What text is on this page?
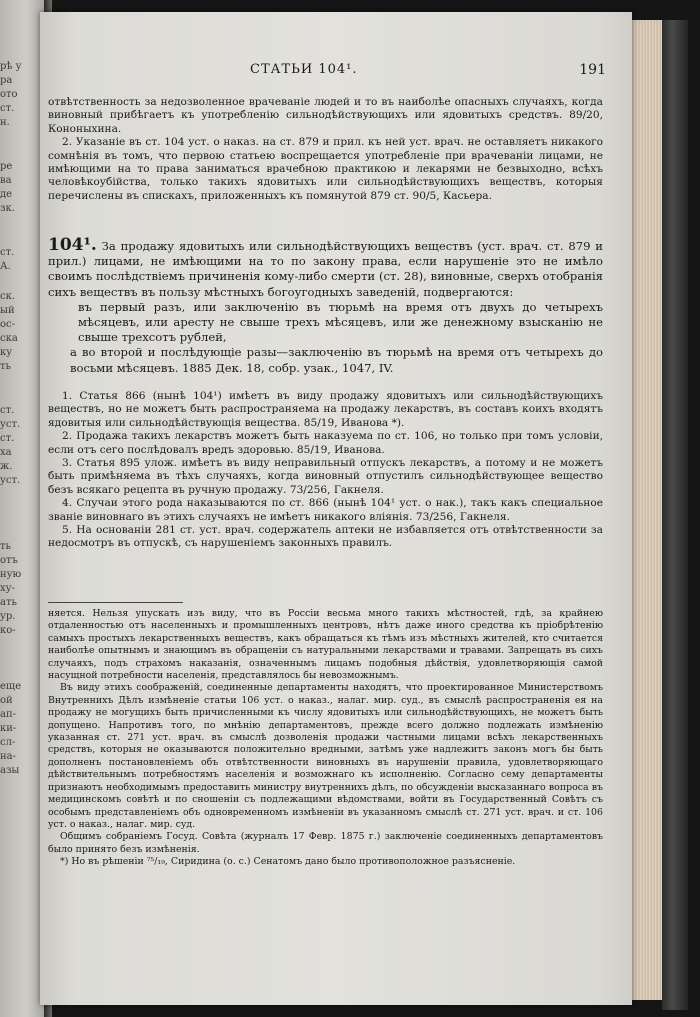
рѣ у
ра
ото
ст.
н.
ре
ва
де
зк.
ст.
А.
ск.
ый
ос-
ска
ку
ть
ст.
уст.
ст.
ха
ж.
уст.
ть
отъ
ную
ху-
ать
ур.
ко-
еще
ой
ап-
ки-
сл-
на-
азы
СТАТЬИ 104¹.	191

отвѣтственность за недозволенное врачеваніе людей и то въ наиболѣе опасныхъ случаяхъ, когда виновный прибѣгаетъ къ употребленію сильнодѣйствующихъ или ядовитыхъ средствъ. 89/20, Кононыхина.

2. Указаніе въ ст. 104 уст. о наказ. на ст. 879 и прил. къ ней уст. врач. не оставляетъ никакого сомнѣнія въ томъ, что первою статьею воспрещается употребленіе при врачеваніи лицами, не имѣющими на то права заниматься врачебною практикою и лекарями не безвыходно, всѣхъ человѣкоубійства, только такихъ ядовитыхъ или сильнодѣйствующихъ веществъ, которыя перечислены въ спискахъ, приложенныхъ къ помянутой 879 ст. 90/5, Касьера.

104¹. За продажу ядовитыхъ или сильнодѣйствующихъ веществъ (уст. врач. ст. 879 и прил.) лицами, не имѣющими на то по закону права, если нарушеніе это не имѣло своимъ послѣдствіемъ причиненія кому-либо смерти (ст. 28), виновные, сверхъ отобранія сихъ веществъ въ пользу мѣстныхъ богоугодныхъ заведеній, подвергаются:

въ первый разъ, или заключенію въ тюрьмѣ на время отъ двухъ до четырехъ мѣсяцевъ, или аресту не свыше трехъ мѣсяцевъ, или же денежному взысканію не свыше трехсотъ рублей,

а во второй и послѣдующіе разы—заключенію въ тюрьмѣ на время отъ четырехъ до восьми мѣсяцевъ. 1885 Дек. 18, собр. узак., 1047, IV.

1. Статья 866 (нынѣ 104¹) имѣетъ въ виду продажу ядовитыхъ или сильнодѣйствующихъ веществъ, но не можетъ быть распространяема на продажу лекарствъ, въ составъ коихъ входятъ ядовитыя или сильнодѣйствующія вещества. 85/19, Иванова *).

2. Продажа такихъ лекарствъ можетъ быть наказуема по ст. 106, но только при томъ условіи, если отъ сего послѣдовалъ вредъ здоровью. 85/19, Иванова.

3. Статья 895 улож. имѣетъ въ виду неправильный отпускъ лекарствъ, а потому и не можетъ быть примѣняема въ тѣхъ случаяхъ, когда виновный отпустилъ сильнодѣйствующее вещество безъ всякаго рецепта въ ручную продажу. 73/256, Гакнеля.

4. Случаи этого рода наказываются по ст. 866 (нынѣ 104¹ уст. о нак.), такъ какъ специальное званіе виновнаго въ этихъ случаяхъ не имѣетъ никакого вліянія. 73/256, Гакнеля.

5. На основаніи 281 ст. уст. врач. содержатель аптеки не избавляется отъ отвѣтственности за недосмотръ въ отпускѣ, съ нарушеніемъ законныхъ правилъ.

няется. Нельзя упускать изъ виду, что въ Россіи весьма много такихъ мѣстностей, гдѣ, за крайнею отдаленностью отъ населенныхъ и промышленныхъ центровъ, нѣтъ даже иного средства къ пріобрѣтенію самыхъ простыхъ лекарственныхъ веществъ, какъ обращаться къ тѣмъ изъ мѣстныхъ жителей, кто считается наиболѣе опытнымъ и знающимъ въ обращеніи съ натуральными лекарствами и травами. Запрещать въ сихъ случаяхъ, подъ страхомъ наказанія, означеннымъ лицамъ подобныя дѣйствія, удовлетворяющія самой насущной потребности населенія, представлялось бы невозможнымъ.

Въ виду этихъ соображеній, соединенные департаменты находятъ, что проектированное Министерствомъ Внутреннихъ Дѣлъ измѣненіе статьи 106 уст. о наказ., налаг. мир. суд., въ смыслѣ распространенія ея на продажу не могущихъ быть причисленными къ числу ядовитыхъ или сильнодѣйствующихъ, не можетъ быть допущено. Напротивъ того, по мнѣнію департаментовъ, прежде всего должно подлежать измѣненію указанная ст. 271 уст. врач. въ смыслѣ дозволенія продажи частными лицами всѣхъ лекарственныхъ средствъ, которыя не оказываются положительно вредными, затѣмъ уже надлежитъ законъ могъ бы быть дополненъ постановленіемъ объ отвѣтственности виновныхъ въ нарушеніи правила, удовлетворяющаго дѣйствительнымъ потребностямъ населенія и возможнаго къ исполненію. Согласно сему департаменты признаютъ необходимымъ предоставить министру внутреннихъ дѣлъ, по обсужденіи высказаннаго вопроса въ медицинскомъ совѣтѣ и по сношеніи съ подлежащими вѣдомствами, войти въ Государственный Совѣтъ съ особымъ представленіемъ объ одновременномъ измѣненіи въ указанномъ смыслѣ ст. 271 уст. врач. и ст. 106 уст. о наказ., налаг. мир. суд.

Общимъ собраніемъ Госуд. Совѣта (журналъ 17 Февр. 1875 г.) заключеніе соединенныхъ департаментовъ было принято безъ измѣненія.

*) Но въ рѣшеніи ⁷⁵/₁₉, Сиридина (о. с.) Сенатомъ дано было противоположное разъясненіе.
